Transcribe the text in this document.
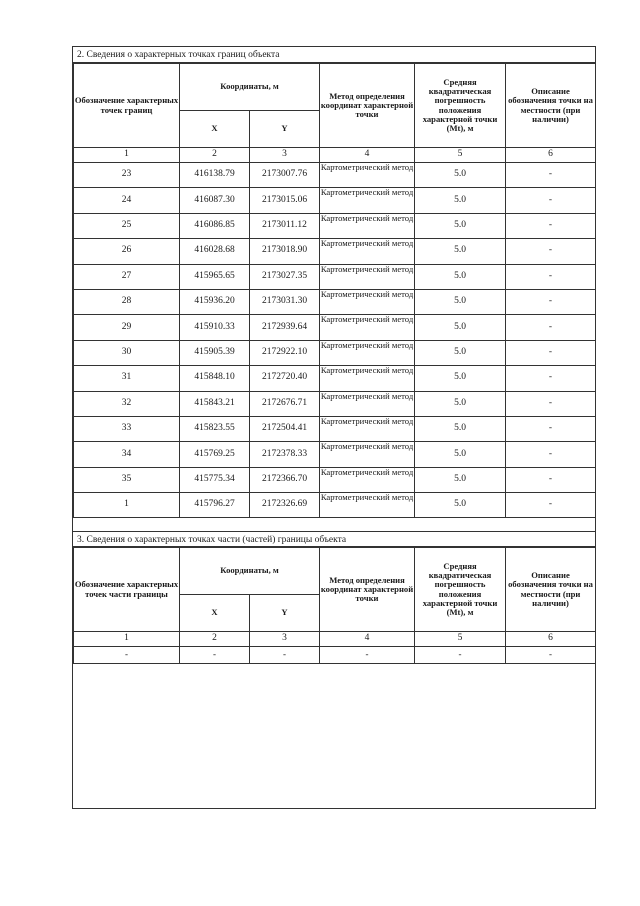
2. Сведения о характерных точках границ объекта
Обозначение характерных точек границ	Координаты, м		Метод определения координат характерной точки	Средняя квадратическая погрешность положения характерной точки (Mt), м	Описание обозначения точки на местности (при наличии)
	X	Y			
1	2	3	4	5	6
23	416138.79	2173007.76	Картометрический метод	5.0	-
24	416087.30	2173015.06	Картометрический метод	5.0	-
25	416086.85	2173011.12	Картометрический метод	5.0	-
26	416028.68	2173018.90	Картометрический метод	5.0	-
27	415965.65	2173027.35	Картометрический метод	5.0	-
28	415936.20	2173031.30	Картометрический метод	5.0	-
29	415910.33	2172939.64	Картометрический метод	5.0	-
30	415905.39	2172922.10	Картометрический метод	5.0	-
31	415848.10	2172720.40	Картометрический метод	5.0	-
32	415843.21	2172676.71	Картометрический метод	5.0	-
33	415823.55	2172504.41	Картометрический метод	5.0	-
34	415769.25	2172378.33	Картометрический метод	5.0	-
35	415775.34	2172366.70	Картометрический метод	5.0	-
1	415796.27	2172326.69	Картометрический метод	5.0	-
3. Сведения о характерных точках части (частей) границы объекта
Обозначение характерных точек части границы	Координаты, м		Метод определения координат характерной точки	Средняя квадратическая погрешность положения характерной точки (Mt), м	Описание обозначения точки на местности (при наличии)
	X	Y			
1	2	3	4	5	6
-	-	-	-	-	-
